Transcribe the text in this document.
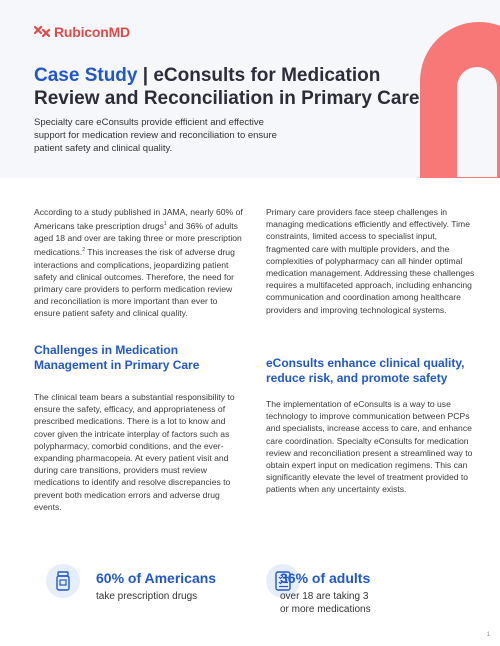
RubiconMD
Case Study | eConsults for Medication Review and Reconciliation in Primary Care

Specialty care eConsults provide efficient and effective support for medication review and reconciliation to ensure patient safety and clinical quality.

According to a study published in JAMA, nearly 60% of Americans take prescription drugs$^1$ and 36% of adults aged 18 and over are taking three or more prescription medications.$^2$ This increases the risk of adverse drug interactions and complications, jeopardizing patient safety and clinical outcomes. Therefore, the need for primary care providers to perform medication review and reconciliation is more important than ever to ensure patient safety and clinical quality.

Challenges in Medication Management in Primary Care

The clinical team bears a substantial responsibility to ensure the safety, efficacy, and appropriateness of prescribed medications. There is a lot to know and cover given the intricate interplay of factors such as polypharmacy, comorbid conditions, and the ever-expanding pharmacopeia. At every patient visit and during care transitions, providers must review medications to identify and resolve discrepancies to prevent both medication errors and adverse drug events.

Primary care providers face steep challenges in managing medications efficiently and effectively. Time constraints, limited access to specialist input, fragmented care with multiple providers, and the complexities of polypharmacy can all hinder optimal medication management. Addressing these challenges requires a multifaceted approach, including enhancing communication and coordination among healthcare providers and improving technological systems.

eConsults enhance clinical quality, reduce risk, and promote safety

The implementation of eConsults is a way to use technology to improve communication between PCPs and specialists, increase access to care, and enhance care coordination. Specialty eConsults for medication review and reconciliation present a streamlined way to obtain expert input on medication regimens. This can significantly elevate the level of treatment provided to patients when any uncertainty exists.

60% of Americans
take prescription drugs
36% of adults
over 18 are taking 3
or more medications
1
